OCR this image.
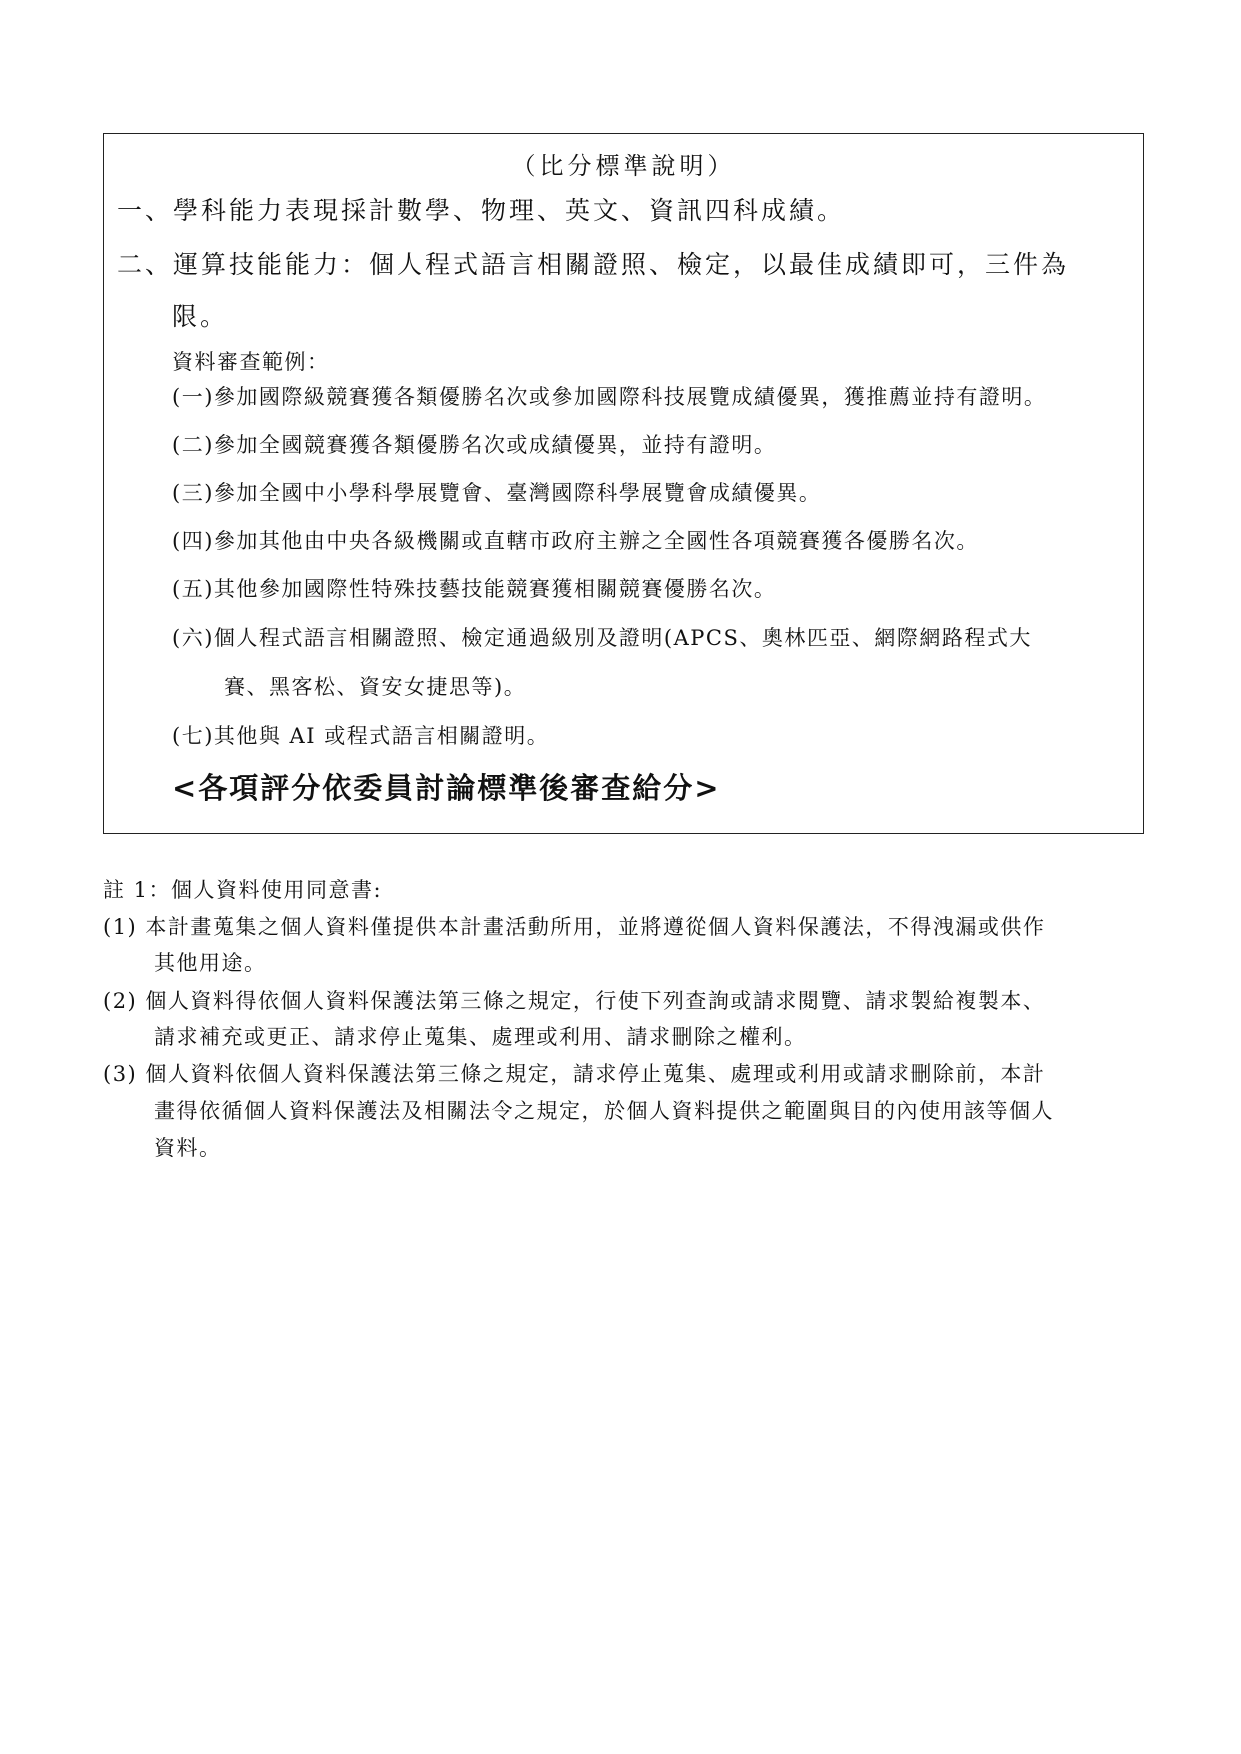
（比分標準說明）
一、學科能力表現採計數學、物理、英文、資訊四科成績。
二、運算技能能力：個人程式語言相關證照、檢定，以最佳成績即可，三件為
限。
資料審查範例：
(一)參加國際級競賽獲各類優勝名次或參加國際科技展覽成績優異，獲推薦並持有證明。
(二)參加全國競賽獲各類優勝名次或成績優異，並持有證明。
(三)參加全國中小學科學展覽會、臺灣國際科學展覽會成績優異。
(四)參加其他由中央各級機關或直轄市政府主辦之全國性各項競賽獲各優勝名次。
(五)其他參加國際性特殊技藝技能競賽獲相關競賽優勝名次。
(六)個人程式語言相關證照、檢定通過級別及證明(APCS、奧林匹亞、網際網路程式大
賽、黑客松、資安女捷思等)。
(七)其他與 AI 或程式語言相關證明。
<各項評分依委員討論標準後審查給分>
註 1：個人資料使用同意書:
(1) 本計畫蒐集之個人資料僅提供本計畫活動所用，並將遵從個人資料保護法，不得洩漏或供作
其他用途。
(2) 個人資料得依個人資料保護法第三條之規定，行使下列查詢或請求閱覽、請求製給複製本、
請求補充或更正、請求停止蒐集、處理或利用、請求刪除之權利。
(3) 個人資料依個人資料保護法第三條之規定，請求停止蒐集、處理或利用或請求刪除前，本計
畫得依循個人資料保護法及相關法令之規定，於個人資料提供之範圍與目的內使用該等個人
資料。
